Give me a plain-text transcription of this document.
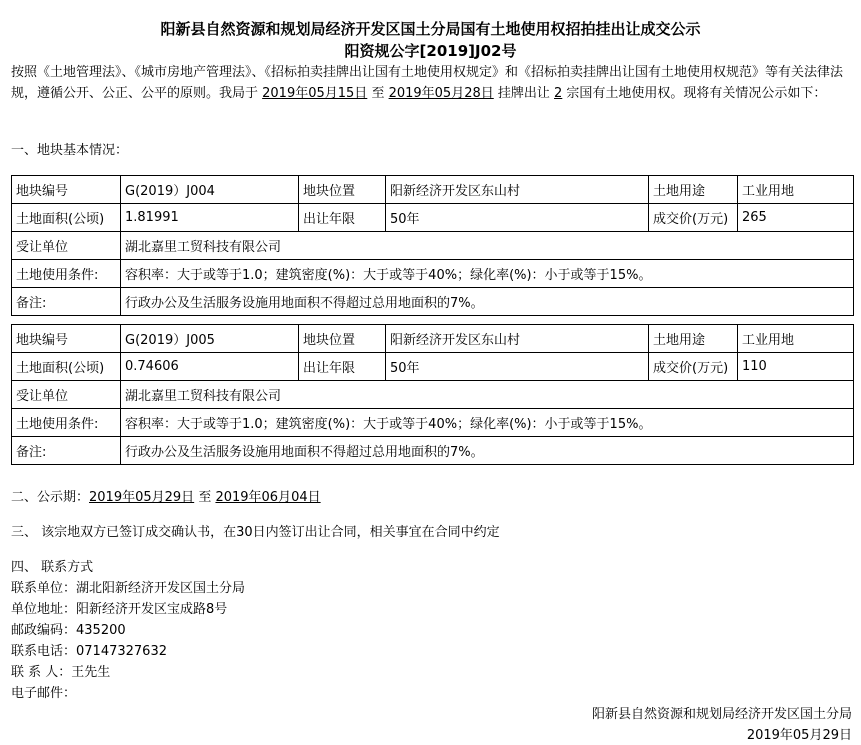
阳新县自然资源和规划局经济开发区国土分局国有土地使用权招拍挂出让成交公示
阳资规公字[2019]J02号

按照《土地管理法》、《城市房地产管理法》、《招标拍卖挂牌出让国有土地使用权规定》和《招标拍卖挂牌出让国有土地使用权规范》等有关法律法规，遵循公开、公正、公平的原则。我局于 2019年05月15日 至 2019年05月28日 挂牌出让 2 宗国有土地使用权。现将有关情况公示如下：

一、地块基本情况：
地块编号	G(2019）J004	地块位置	阳新经济开发区东山村	土地用途	工业用地
土地面积(公顷)	1.81991	出让年限	50年	成交价(万元)	265
受让单位	湖北嘉里工贸科技有限公司				
土地使用条件:	容积率：大于或等于1.0；建筑密度(%)：大于或等于40%；绿化率(%)：小于或等于15%。				
备注:	行政办公及生活服务设施用地面积不得超过总用地面积的7%。				
地块编号	G(2019）J005	地块位置	阳新经济开发区东山村	土地用途	工业用地
土地面积(公顷)	0.74606	出让年限	50年	成交价(万元)	110
受让单位	湖北嘉里工贸科技有限公司				
土地使用条件:	容积率：大于或等于1.0；建筑密度(%)：大于或等于40%；绿化率(%)：小于或等于15%。				
备注:	行政办公及生活服务设施用地面积不得超过总用地面积的7%。				
二、公示期：2019年05月29日 至 2019年06月04日
三、 该宗地双方已签订成交确认书，在30日内签订出让合同，相关事宜在合同中约定
四、 联系方式
联系单位：湖北阳新经济开发区国土分局
单位地址：阳新经济开发区宝成路8号
邮政编码：435200
联系电话：07147327632
联 系 人：王先生
电子邮件：
阳新县自然资源和规划局经济开发区国土分局
2019年05月29日
